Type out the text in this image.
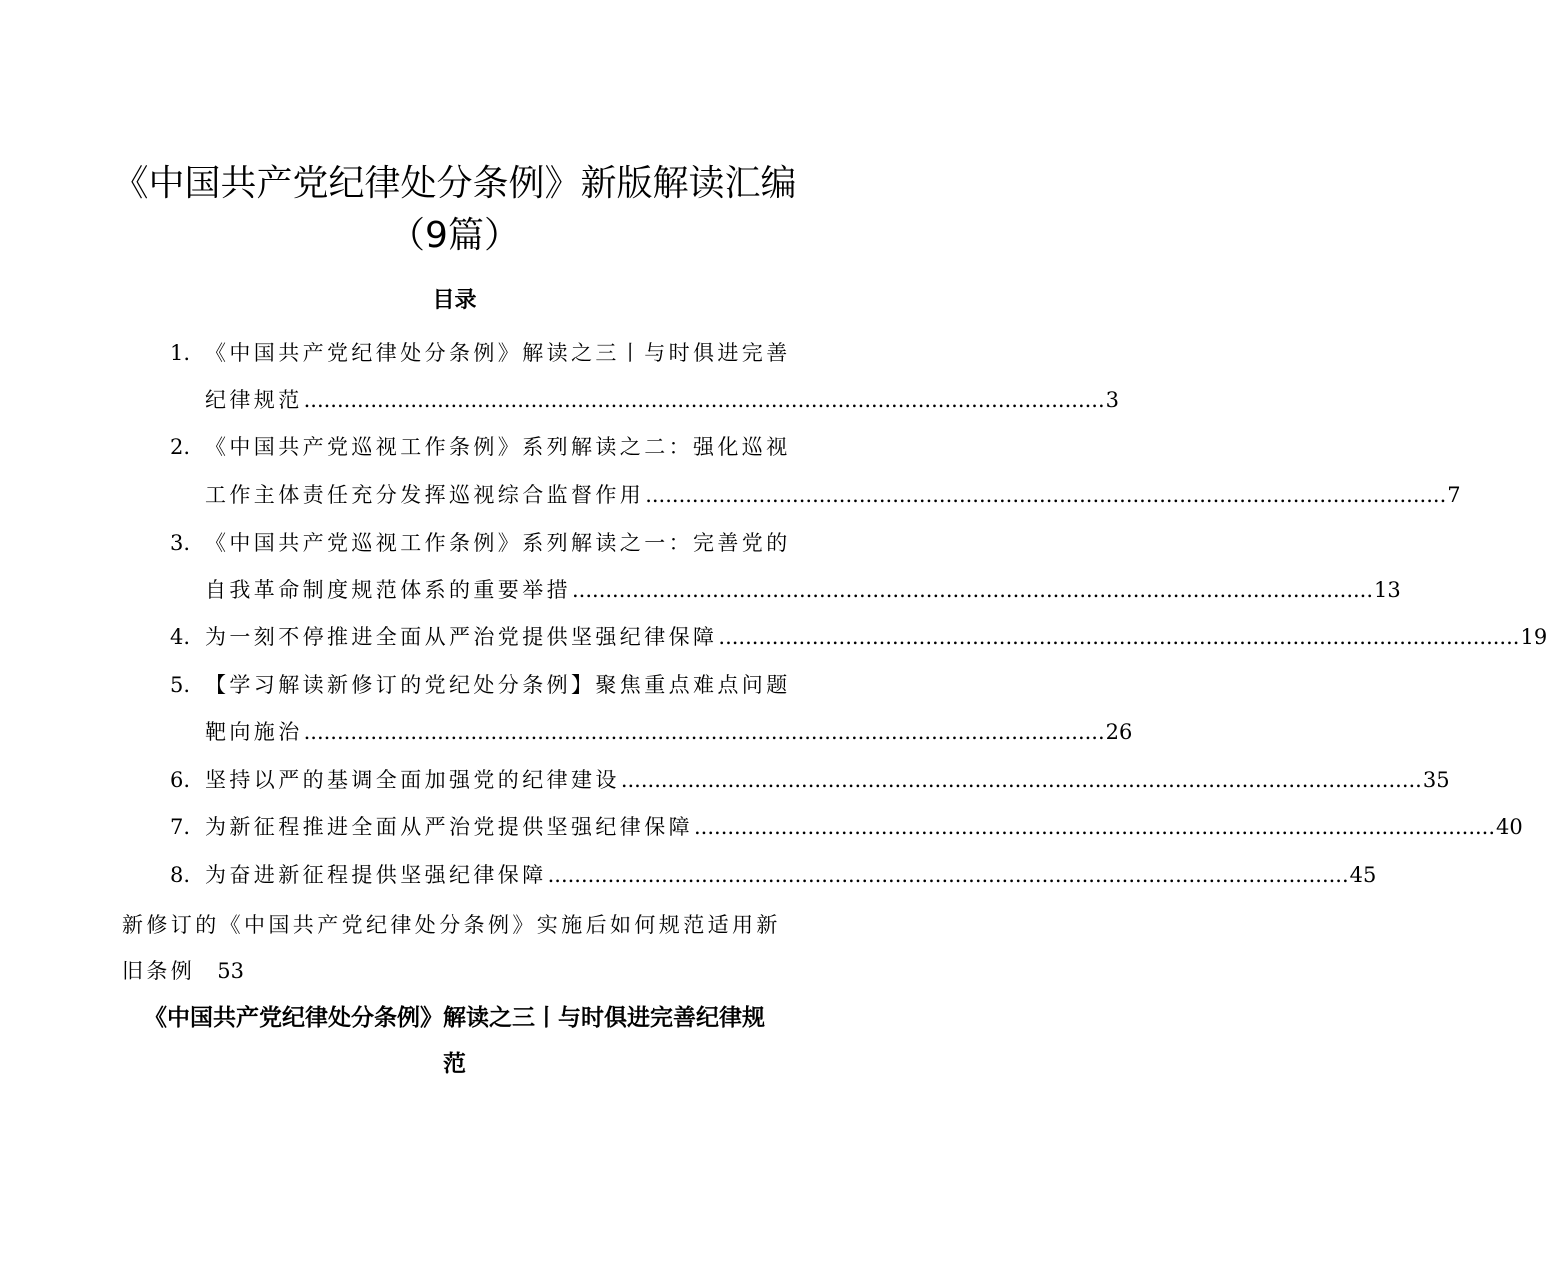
《中国共产党纪律处分条例》新版解读汇编
（9篇）
目录
1. 《中国共产党纪律处分条例》解读之三丨与时俱进完善
纪律规范 ........................................................................................................................ 3
2. 《中国共产党巡视工作条例》系列解读之二：强化巡视
工作主体责任充分发挥巡视综合监督作用 ........................................................................................................................ 7
3. 《中国共产党巡视工作条例》系列解读之一：完善党的
自我革命制度规范体系的重要举措 ........................................................................................................................ 13
4. 为一刻不停推进全面从严治党提供坚强纪律保障 ........................................................................................................................ 19
5. 【学习解读新修订的党纪处分条例】聚焦重点难点问题
靶向施治 ........................................................................................................................ 26
6. 坚持以严的基调全面加强党的纪律建设 ........................................................................................................................ 35
7. 为新征程推进全面从严治党提供坚强纪律保障 ........................................................................................................................ 40
8. 为奋进新征程提供坚强纪律保障 ........................................................................................................................ 45
新修订的《中国共产党纪律处分条例》实施后如何规范适用新
旧条例 53
《中国共产党纪律处分条例》解读之三丨与时俱进完善纪律规
范
